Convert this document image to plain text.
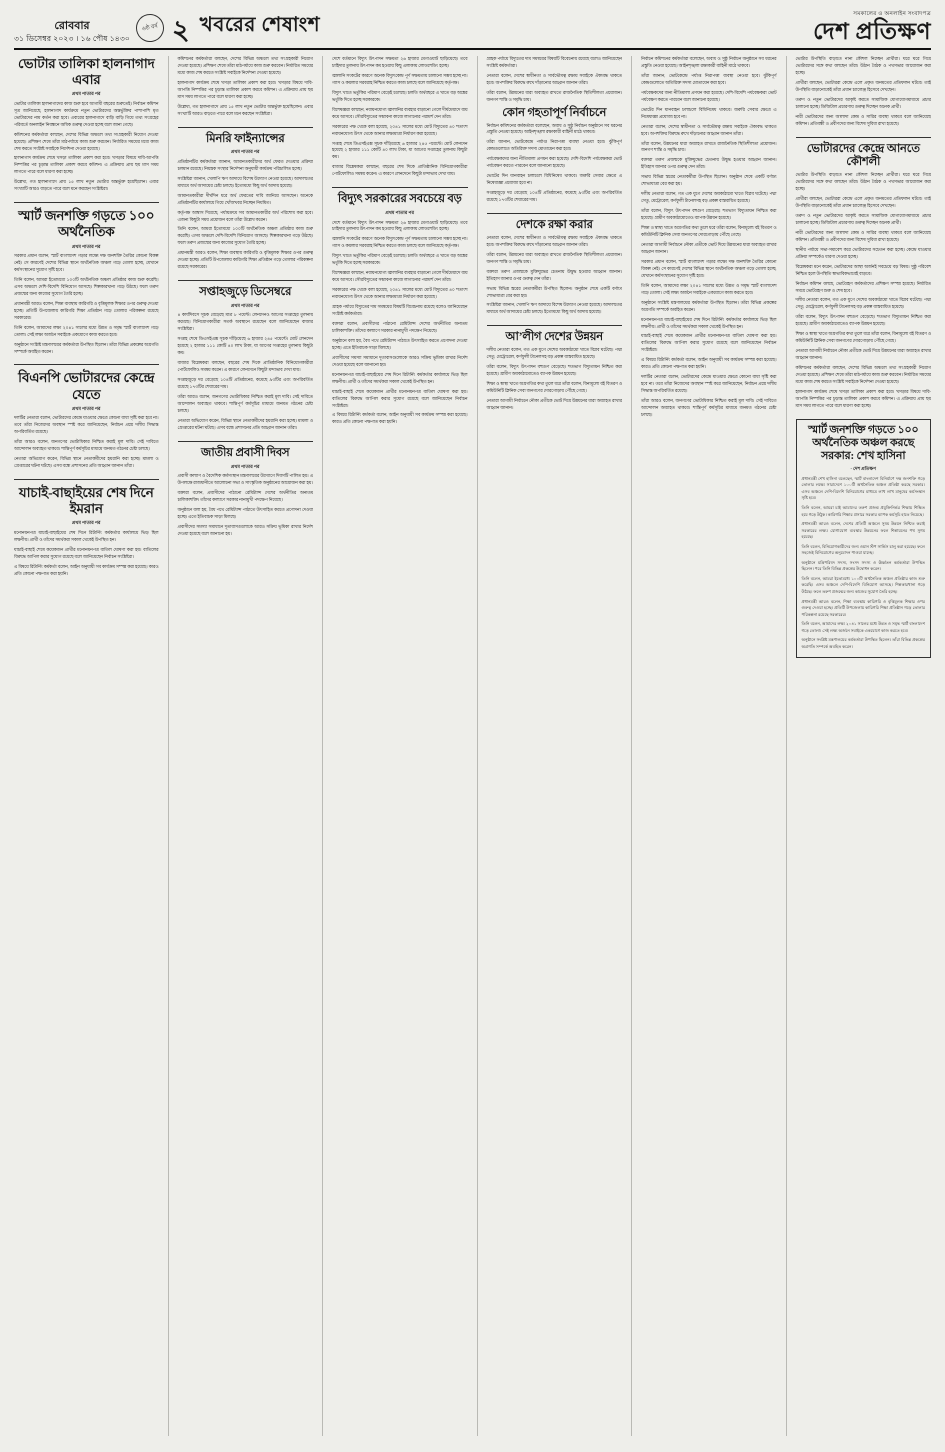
রোববার
৩১ ডিসেম্বর ২০২৩ । ১৬ পৌষ ১৪৩০
৬ষ্ঠ বর্ষ ২ খবরের শেষাংশ	সমকালের ও অনলাইন সংবাদপত্র
দেশ প্রতিক্ষণ
ভোটার তালিকা হালনাগাদ এবার
প্রথম পাতার পর

ভোটার তালিকা হালনাগাদের কাজ শুরু হবে আগামী বছরের শুরুতেই। নির্বাচন কমিশন সূত্র জানিয়েছে, হালনাগাদ কার্যক্রমে নতুন ভোটারদের অন্তর্ভুক্তির পাশাপাশি মৃত ভোটারদের নাম কর্তন করা হবে। এবারের হালনাগাদে বাড়ি বাড়ি গিয়ে তথ্য সংগ্রহের পরিবর্তে অনলাইন নিবন্ধনে অধিক গুরুত্ব দেওয়া হচ্ছে বলে জানা গেছে।

কমিশনের কর্মকর্তারা বলছেন, দেশের বিভিন্ন অঞ্চলে তথ্য সংগ্রহকারী নিয়োগ দেওয়া হয়েছে। প্রশিক্ষণ শেষে তাঁরা মাঠপর্যায়ে কাজ শুরু করবেন। নির্ধারিত সময়ের মধ্যে কাজ শেষ করতে সংশ্লিষ্ট সবাইকে নির্দেশনা দেওয়া হয়েছে।

হালনাগাদ কার্যক্রম শেষে খসড়া তালিকা প্রকাশ করা হবে। খসড়ার বিষয়ে দাবি-আপত্তি নিষ্পত্তির পর চূড়ান্ত তালিকা প্রকাশ করবে কমিশন। এ প্রক্রিয়ায় প্রায় ছয় মাস সময় লাগতে পারে বলে ধারণা করা হচ্ছে।

উল্লেখ্য, গত হালনাগাদে প্রায় ১৫ লাখ নতুন ভোটার অন্তর্ভুক্ত হয়েছিলেন। এবার সংখ্যাটি আরও বাড়তে পারে বলে মনে করছেন সংশ্লিষ্টরা।

স্মার্ট জনশক্তি গড়তে ১০০ অর্থনৈতিক
প্রথম পাতার পর

সরকার প্রধান বলেন, স্মার্ট বাংলাদেশ গড়ার লক্ষ্যে দক্ষ জনশক্তি তৈরির কোনো বিকল্প নেই। সে কারণেই দেশের বিভিন্ন স্থানে অর্থনৈতিক অঞ্চল গড়ে তোলা হচ্ছে, যেখানে কর্মসংস্থানের সুযোগ সৃষ্টি হবে।

তিনি বলেন, আমরা ইতোমধ্যে ১০০টি অর্থনৈতিক অঞ্চল প্রতিষ্ঠার কাজ শুরু করেছি। এসব অঞ্চলে দেশি-বিদেশি বিনিয়োগ আসছে। শিল্পকারখানা গড়ে উঠছে। ফলে তরুণ প্রজন্মের জন্য কাজের সুযোগ তৈরি হচ্ছে।

প্রধানমন্ত্রী আরও বলেন, শিক্ষা ব্যবস্থায় কারিগরি ও বৃত্তিমূলক শিক্ষার ওপর গুরুত্ব দেওয়া হচ্ছে। প্রতিটি উপজেলায় কারিগরি শিক্ষা প্রতিষ্ঠান গড়ে তোলার পরিকল্পনা রয়েছে সরকারের।

তিনি বলেন, আমাদের লক্ষ্য ২০৪১ সালের মধ্যে উন্নত ও সমৃদ্ধ স্মার্ট বাংলাদেশ গড়ে তোলা। সেই লক্ষ্য অর্জনে সবাইকে একযোগে কাজ করতে হবে।

অনুষ্ঠানে সংশ্লিষ্ট মন্ত্রণালয়ের কর্মকর্তারা উপস্থিত ছিলেন। তাঁরা বিভিন্ন প্রকল্পের অগ্রগতি সম্পর্কে অবহিত করেন।

বিএনপি ভোটারদের কেন্দ্রে যেতে
প্রথম পাতার পর

দলটির নেতারা বলেন, ভোটারদের কেন্দ্রে যাওয়ার ক্ষেত্রে কোনো বাধা সৃষ্টি করা হবে না। তবে তাঁরা নিজেদের অবস্থান স্পষ্ট করে জানিয়েছেন, নির্বাচন প্রশ্নে দলীয় সিদ্ধান্ত অপরিবর্তিত রয়েছে।

তাঁরা আরও বলেন, জনগণের ভোটাধিকার নিশ্চিত করাই মূল দাবি। সেই দাবিতে আন্দোলন অব্যাহত থাকবে। শান্তিপূর্ণ কর্মসূচির মাধ্যমে জনমত গঠনের চেষ্টা চলছে।

নেতারা অভিযোগ করেন, বিভিন্ন স্থানে নেতাকর্মীদের হয়রানি করা হচ্ছে। মামলা ও গ্রেপ্তারের ঘটনা ঘটছে। এসব বন্ধে প্রশাসনের প্রতি আহ্বান জানান তাঁরা।

যাচাই-বাছাইয়ের শেষ দিনে ইমরান
প্রথম পাতার পর

মনোনয়নপত্র যাচাই-বাছাইয়ের শেষ দিনে রিটার্নিং কর্মকর্তার কার্যালয়ে ভিড় ছিল লক্ষণীয়। প্রার্থী ও তাঁদের সমর্থকরা সকাল থেকেই উপস্থিত হন।

যাচাই-বাছাই শেষে কয়েকজন প্রার্থীর মনোনয়নপত্র বাতিল ঘোষণা করা হয়। বাতিলের বিরুদ্ধে আপিল করার সুযোগ রয়েছে বলে জানিয়েছেন নির্বাচন সংশ্লিষ্টরা।

এ বিষয়ে রিটার্নিং কর্মকর্তা বলেন, আইন অনুযায়ী সব কার্যক্রম সম্পন্ন করা হয়েছে। কারও প্রতি কোনো পক্ষপাত করা হয়নি।

কমিশনের কর্মকর্তারা বলছেন, দেশের বিভিন্ন অঞ্চলে তথ্য সংগ্রহকারী নিয়োগ দেওয়া হয়েছে। প্রশিক্ষণ শেষে তাঁরা মাঠপর্যায়ে কাজ শুরু করবেন। নির্ধারিত সময়ের মধ্যে কাজ শেষ করতে সংশ্লিষ্ট সবাইকে নির্দেশনা দেওয়া হয়েছে।

হালনাগাদ কার্যক্রম শেষে খসড়া তালিকা প্রকাশ করা হবে। খসড়ার বিষয়ে দাবি-আপত্তি নিষ্পত্তির পর চূড়ান্ত তালিকা প্রকাশ করবে কমিশন। এ প্রক্রিয়ায় প্রায় ছয় মাস সময় লাগতে পারে বলে ধারণা করা হচ্ছে।

উল্লেখ্য, গত হালনাগাদে প্রায় ১৫ লাখ নতুন ভোটার অন্তর্ভুক্ত হয়েছিলেন। এবার সংখ্যাটি আরও বাড়তে পারে বলে মনে করছেন সংশ্লিষ্টরা।

মিনরি ফাইন্যান্সের
প্রথম পাতার পর

প্রতিষ্ঠানটির কর্মকর্তারা জানান, আমানতকারীদের অর্থ ফেরত দেওয়ার প্রক্রিয়া চলমান রয়েছে। নিয়ন্ত্রক সংস্থার নির্দেশনা অনুযায়ী কার্যক্রম পরিচালিত হচ্ছে।

সংশ্লিষ্টরা জানান, খেলাপি ঋণ আদায়ে বিশেষ উদ্যোগ নেওয়া হয়েছে। আদালতের মাধ্যমে অর্থ আদায়ের চেষ্টা চলছে। ইতোমধ্যে কিছু অর্থ আদায় হয়েছে।

আমানতকারীরা দীর্ঘদিন ধরে অর্থ ফেরতের দাবি জানিয়ে আসছেন। অনেকে প্রতিষ্ঠানটির কার্যালয়ে গিয়ে খোঁজখবর নিচ্ছেন নিয়মিত।

কর্তৃপক্ষ আশ্বাস দিয়েছে, পর্যায়ক্রমে সব আমানতকারীর অর্থ পরিশোধ করা হবে। এজন্য কিছুটা সময় প্রয়োজন বলে তাঁরা উল্লেখ করেন।

তিনি বলেন, আমরা ইতোমধ্যে ১০০টি অর্থনৈতিক অঞ্চল প্রতিষ্ঠার কাজ শুরু করেছি। এসব অঞ্চলে দেশি-বিদেশি বিনিয়োগ আসছে। শিল্পকারখানা গড়ে উঠছে। ফলে তরুণ প্রজন্মের জন্য কাজের সুযোগ তৈরি হচ্ছে।

প্রধানমন্ত্রী আরও বলেন, শিক্ষা ব্যবস্থায় কারিগরি ও বৃত্তিমূলক শিক্ষার ওপর গুরুত্ব দেওয়া হচ্ছে। প্রতিটি উপজেলায় কারিগরি শিক্ষা প্রতিষ্ঠান গড়ে তোলার পরিকল্পনা রয়েছে সরকারের।

সপ্তাহজুড়ে ডিসেম্বরে
প্রথম পাতার পর

৪ কার্যদিবসে সূচক বেড়েছে মাত্র ৮ পয়েন্ট। লেনদেনও আগের সপ্তাহের তুলনায় কমেছে। বিনিয়োগকারীরা সতর্ক অবস্থানে রয়েছেন বলে জানিয়েছেন বাজার সংশ্লিষ্টরা।

সপ্তাহ শেষে ডিএসইএক্স সূচক দাঁড়িয়েছে ৬ হাজার ২৪৫ পয়েন্টে। মোট লেনদেন হয়েছে ২ হাজার ১১১ কোটি ৪০ লাখ টাকা, যা আগের সপ্তাহের তুলনায় কিছুটা কম।

বাজার বিশ্লেষকরা বলছেন, বছরের শেষ দিকে প্রাতিষ্ঠানিক বিনিয়োগকারীরা পোর্টফোলিও সমন্বয় করেন। এ কারণে লেনদেনে কিছুটা মন্দাভাব দেখা যায়।

সপ্তাহজুড়ে দর বেড়েছে ১০৪টি প্রতিষ্ঠানের, কমেছে ৯৩টির এবং অপরিবর্তিত রয়েছে ১৭৩টির শেয়ারের দাম।

তাঁরা আরও বলেন, জনগণের ভোটাধিকার নিশ্চিত করাই মূল দাবি। সেই দাবিতে আন্দোলন অব্যাহত থাকবে। শান্তিপূর্ণ কর্মসূচির মাধ্যমে জনমত গঠনের চেষ্টা চলছে।

নেতারা অভিযোগ করেন, বিভিন্ন স্থানে নেতাকর্মীদের হয়রানি করা হচ্ছে। মামলা ও গ্রেপ্তারের ঘটনা ঘটছে। এসব বন্ধে প্রশাসনের প্রতি আহ্বান জানান তাঁরা।

জাতীয় প্রবাসী দিবস
প্রথম পাতার পর

প্রবাসী কল্যাণ ও বৈদেশিক কর্মসংস্থান মন্ত্রণালয়ের উদ্যোগে দিবসটি পালিত হয়। এ উপলক্ষে রাজধানীতে আলোচনা সভা ও সাংস্কৃতিক অনুষ্ঠানের আয়োজন করা হয়।

বক্তারা বলেন, প্রবাসীদের পাঠানো রেমিট্যান্স দেশের অর্থনীতির অন্যতম চালিকাশক্তি। তাঁদের কল্যাণে সরকার নানামুখী পদক্ষেপ নিয়েছে।

অনুষ্ঠানে বলা হয়, বৈধ পথে রেমিট্যান্স পাঠাতে উৎসাহিত করতে প্রণোদনা দেওয়া হচ্ছে। এতে ইতিবাচক সাড়া মিলছে।

প্রবাসীদের সমস্যা সমাধানে দূতাবাসগুলোকে আরও সক্রিয় ভূমিকা রাখার নির্দেশ দেওয়া হয়েছে বলে জানানো হয়।

দেশে বর্তমানে বিদ্যুৎ উৎপাদন সক্ষমতা ২৬ হাজার মেগাওয়াট ছাড়িয়েছে। তবে চাহিদার তুলনায় উৎপাদন কম হওয়ায় কিছু এলাকায় লোডশেডিং হচ্ছে।

জ্বালানি সংকটের কারণে অনেক বিদ্যুৎকেন্দ্র পূর্ণ সক্ষমতায় চালানো সম্ভব হচ্ছে না। গ্যাস ও কয়লার সরবরাহ নিশ্চিত করতে কাজ চলছে বলে জানিয়েছে কর্তৃপক্ষ।

বিদ্যুৎ খাতে ভর্তুকির পরিমাণ বেড়েই চলেছে। চলতি অর্থবছরে এ খাতে বড় অঙ্কের ভর্তুকি দিতে হচ্ছে সরকারকে।

বিশেষজ্ঞরা বলছেন, নবায়নযোগ্য জ্বালানির ব্যবহার বাড়ানো গেলে দীর্ঘমেয়াদে ব্যয় কমে আসবে। সৌরবিদ্যুতের সম্ভাবনা কাজে লাগানোর পরামর্শ দেন তাঁরা।

সরকারের পক্ষ থেকে বলা হয়েছে, ২০৪১ সালের মধ্যে মোট বিদ্যুতের ৪০ শতাংশ নবায়নযোগ্য উৎস থেকে আনার লক্ষ্যমাত্রা নির্ধারণ করা হয়েছে।

সপ্তাহ শেষে ডিএসইএক্স সূচক দাঁড়িয়েছে ৬ হাজার ২৪৫ পয়েন্টে। মোট লেনদেন হয়েছে ২ হাজার ১১১ কোটি ৪০ লাখ টাকা, যা আগের সপ্তাহের তুলনায় কিছুটা কম।

বাজার বিশ্লেষকরা বলছেন, বছরের শেষ দিকে প্রাতিষ্ঠানিক বিনিয়োগকারীরা পোর্টফোলিও সমন্বয় করেন। এ কারণে লেনদেনে কিছুটা মন্দাভাব দেখা যায়।

বিদ্যুৎ সরকারের সবচেয়ে বড়
প্রথম পাতার পর

দেশে বর্তমানে বিদ্যুৎ উৎপাদন সক্ষমতা ২৬ হাজার মেগাওয়াট ছাড়িয়েছে। তবে চাহিদার তুলনায় উৎপাদন কম হওয়ায় কিছু এলাকায় লোডশেডিং হচ্ছে।

জ্বালানি সংকটের কারণে অনেক বিদ্যুৎকেন্দ্র পূর্ণ সক্ষমতায় চালানো সম্ভব হচ্ছে না। গ্যাস ও কয়লার সরবরাহ নিশ্চিত করতে কাজ চলছে বলে জানিয়েছে কর্তৃপক্ষ।

বিদ্যুৎ খাতে ভর্তুকির পরিমাণ বেড়েই চলেছে। চলতি অর্থবছরে এ খাতে বড় অঙ্কের ভর্তুকি দিতে হচ্ছে সরকারকে।

বিশেষজ্ঞরা বলছেন, নবায়নযোগ্য জ্বালানির ব্যবহার বাড়ানো গেলে দীর্ঘমেয়াদে ব্যয় কমে আসবে। সৌরবিদ্যুতের সম্ভাবনা কাজে লাগানোর পরামর্শ দেন তাঁরা।

সরকারের পক্ষ থেকে বলা হয়েছে, ২০৪১ সালের মধ্যে মোট বিদ্যুতের ৪০ শতাংশ নবায়নযোগ্য উৎস থেকে আনার লক্ষ্যমাত্রা নির্ধারণ করা হয়েছে।

গ্রাহক পর্যায়ে বিদ্যুতের দাম সমন্বয়ের বিষয়টি বিবেচনায় রয়েছে বলেও জানিয়েছেন সংশ্লিষ্ট কর্মকর্তারা।

বক্তারা বলেন, প্রবাসীদের পাঠানো রেমিট্যান্স দেশের অর্থনীতির অন্যতম চালিকাশক্তি। তাঁদের কল্যাণে সরকার নানামুখী পদক্ষেপ নিয়েছে।

অনুষ্ঠানে বলা হয়, বৈধ পথে রেমিট্যান্স পাঠাতে উৎসাহিত করতে প্রণোদনা দেওয়া হচ্ছে। এতে ইতিবাচক সাড়া মিলছে।

প্রবাসীদের সমস্যা সমাধানে দূতাবাসগুলোকে আরও সক্রিয় ভূমিকা রাখার নির্দেশ দেওয়া হয়েছে বলে জানানো হয়।

মনোনয়নপত্র যাচাই-বাছাইয়ের শেষ দিনে রিটার্নিং কর্মকর্তার কার্যালয়ে ভিড় ছিল লক্ষণীয়। প্রার্থী ও তাঁদের সমর্থকরা সকাল থেকেই উপস্থিত হন।

যাচাই-বাছাই শেষে কয়েকজন প্রার্থীর মনোনয়নপত্র বাতিল ঘোষণা করা হয়। বাতিলের বিরুদ্ধে আপিল করার সুযোগ রয়েছে বলে জানিয়েছেন নির্বাচন সংশ্লিষ্টরা।

এ বিষয়ে রিটার্নিং কর্মকর্তা বলেন, আইন অনুযায়ী সব কার্যক্রম সম্পন্ন করা হয়েছে। কারও প্রতি কোনো পক্ষপাত করা হয়নি।

গ্রাহক পর্যায়ে বিদ্যুতের দাম সমন্বয়ের বিষয়টি বিবেচনায় রয়েছে বলেও জানিয়েছেন সংশ্লিষ্ট কর্মকর্তারা।

নেতারা বলেন, দেশের স্বাধীনতা ও সার্বভৌমত্ব রক্ষায় সবাইকে ঐক্যবদ্ধ থাকতে হবে। অপশক্তির বিরুদ্ধে রুখে দাঁড়ানোর আহ্বান জানান তাঁরা।

তাঁরা বলেন, উন্নয়নের ধারা অব্যাহত রাখতে রাজনৈতিক স্থিতিশীলতা প্রয়োজন। জনগণ শান্তি ও সমৃদ্ধি চায়।

কোন গহতাপূর্ণ নির্বাচনে

নির্বাচন কমিশনের কর্মকর্তারা বলেছেন, অবাধ ও সুষ্ঠু নির্বাচন অনুষ্ঠানে সব ধরনের প্রস্তুতি নেওয়া হয়েছে। আইনশৃঙ্খলা রক্ষাকারী বাহিনী মাঠে থাকবে।

তাঁরা জানান, ভোটকেন্দ্রে পর্যাপ্ত নিরাপত্তা ব্যবস্থা নেওয়া হবে। ঝুঁকিপূর্ণ কেন্দ্রগুলোতে অতিরিক্ত সদস্য মোতায়েন করা হবে।

পর্যবেক্ষকদের জন্য নীতিমালা প্রণয়ন করা হয়েছে। দেশি-বিদেশি পর্যবেক্ষকরা ভোট পর্যবেক্ষণ করতে পারবেন বলে জানানো হয়েছে।

ভোটের দিন যানবাহন চলাচলে বিধিনিষেধ থাকবে। জরুরি সেবার ক্ষেত্রে এ নিষেধাজ্ঞা প্রযোজ্য হবে না।

সপ্তাহজুড়ে দর বেড়েছে ১০৪টি প্রতিষ্ঠানের, কমেছে ৯৩টির এবং অপরিবর্তিত রয়েছে ১৭৩টির শেয়ারের দাম।

দেশকে রক্ষা করার

নেতারা বলেন, দেশের স্বাধীনতা ও সার্বভৌমত্ব রক্ষায় সবাইকে ঐক্যবদ্ধ থাকতে হবে। অপশক্তির বিরুদ্ধে রুখে দাঁড়ানোর আহ্বান জানান তাঁরা।

তাঁরা বলেন, উন্নয়নের ধারা অব্যাহত রাখতে রাজনৈতিক স্থিতিশীলতা প্রয়োজন। জনগণ শান্তি ও সমৃদ্ধি চায়।

বক্তারা তরুণ প্রজন্মকে মুক্তিযুদ্ধের চেতনায় উদ্বুদ্ধ হওয়ার আহ্বান জানান। ইতিহাস জানার ওপর গুরুত্ব দেন তাঁরা।

সভায় বিভিন্ন স্তরের নেতাকর্মীরা উপস্থিত ছিলেন। অনুষ্ঠান শেষে একটি বর্ণাঢ্য শোভাযাত্রা বের করা হয়।

সংশ্লিষ্টরা জানান, খেলাপি ঋণ আদায়ে বিশেষ উদ্যোগ নেওয়া হয়েছে। আদালতের মাধ্যমে অর্থ আদায়ের চেষ্টা চলছে। ইতোমধ্যে কিছু অর্থ আদায় হয়েছে।

আ’লীগ দেশের উন্নয়ন

দলীয় নেতারা বলেন, গত এক যুগে দেশের অবকাঠামো খাতে বিপ্লব ঘটেছে। পদ্মা সেতু, মেট্রোরেল, কর্ণফুলী টানেলসহ বড় প্রকল্প বাস্তবায়িত হয়েছে।

তাঁরা বলেন, বিদ্যুৎ উৎপাদন বহুগুণ বেড়েছে। শতভাগ বিদ্যুতায়ন নিশ্চিত করা হয়েছে। গ্রামীণ অবকাঠামোতেও ব্যাপক উন্নয়ন হয়েছে।

শিক্ষা ও স্বাস্থ্য খাতে অগ্রগতির কথা তুলে ধরে তাঁরা বলেন, বিনামূল্যে বই বিতরণ ও কমিউনিটি ক্লিনিক সেবা জনগণের দোরগোড়ায় পৌঁছে গেছে।

নেতারা আগামী নির্বাচনে নৌকা প্রতীকে ভোট দিয়ে উন্নয়নের ধারা অব্যাহত রাখার আহ্বান জানান।

নির্বাচন কমিশনের কর্মকর্তারা বলেছেন, অবাধ ও সুষ্ঠু নির্বাচন অনুষ্ঠানে সব ধরনের প্রস্তুতি নেওয়া হয়েছে। আইনশৃঙ্খলা রক্ষাকারী বাহিনী মাঠে থাকবে।

তাঁরা জানান, ভোটকেন্দ্রে পর্যাপ্ত নিরাপত্তা ব্যবস্থা নেওয়া হবে। ঝুঁকিপূর্ণ কেন্দ্রগুলোতে অতিরিক্ত সদস্য মোতায়েন করা হবে।

পর্যবেক্ষকদের জন্য নীতিমালা প্রণয়ন করা হয়েছে। দেশি-বিদেশি পর্যবেক্ষকরা ভোট পর্যবেক্ষণ করতে পারবেন বলে জানানো হয়েছে।

ভোটের দিন যানবাহন চলাচলে বিধিনিষেধ থাকবে। জরুরি সেবার ক্ষেত্রে এ নিষেধাজ্ঞা প্রযোজ্য হবে না।

নেতারা বলেন, দেশের স্বাধীনতা ও সার্বভৌমত্ব রক্ষায় সবাইকে ঐক্যবদ্ধ থাকতে হবে। অপশক্তির বিরুদ্ধে রুখে দাঁড়ানোর আহ্বান জানান তাঁরা।

তাঁরা বলেন, উন্নয়নের ধারা অব্যাহত রাখতে রাজনৈতিক স্থিতিশীলতা প্রয়োজন। জনগণ শান্তি ও সমৃদ্ধি চায়।

বক্তারা তরুণ প্রজন্মকে মুক্তিযুদ্ধের চেতনায় উদ্বুদ্ধ হওয়ার আহ্বান জানান। ইতিহাস জানার ওপর গুরুত্ব দেন তাঁরা।

সভায় বিভিন্ন স্তরের নেতাকর্মীরা উপস্থিত ছিলেন। অনুষ্ঠান শেষে একটি বর্ণাঢ্য শোভাযাত্রা বের করা হয়।

দলীয় নেতারা বলেন, গত এক যুগে দেশের অবকাঠামো খাতে বিপ্লব ঘটেছে। পদ্মা সেতু, মেট্রোরেল, কর্ণফুলী টানেলসহ বড় প্রকল্প বাস্তবায়িত হয়েছে।

তাঁরা বলেন, বিদ্যুৎ উৎপাদন বহুগুণ বেড়েছে। শতভাগ বিদ্যুতায়ন নিশ্চিত করা হয়েছে। গ্রামীণ অবকাঠামোতেও ব্যাপক উন্নয়ন হয়েছে।

শিক্ষা ও স্বাস্থ্য খাতে অগ্রগতির কথা তুলে ধরে তাঁরা বলেন, বিনামূল্যে বই বিতরণ ও কমিউনিটি ক্লিনিক সেবা জনগণের দোরগোড়ায় পৌঁছে গেছে।

নেতারা আগামী নির্বাচনে নৌকা প্রতীকে ভোট দিয়ে উন্নয়নের ধারা অব্যাহত রাখার আহ্বান জানান।

সরকার প্রধান বলেন, স্মার্ট বাংলাদেশ গড়ার লক্ষ্যে দক্ষ জনশক্তি তৈরির কোনো বিকল্প নেই। সে কারণেই দেশের বিভিন্ন স্থানে অর্থনৈতিক অঞ্চল গড়ে তোলা হচ্ছে, যেখানে কর্মসংস্থানের সুযোগ সৃষ্টি হবে।

তিনি বলেন, আমাদের লক্ষ্য ২০৪১ সালের মধ্যে উন্নত ও সমৃদ্ধ স্মার্ট বাংলাদেশ গড়ে তোলা। সেই লক্ষ্য অর্জনে সবাইকে একযোগে কাজ করতে হবে।

অনুষ্ঠানে সংশ্লিষ্ট মন্ত্রণালয়ের কর্মকর্তারা উপস্থিত ছিলেন। তাঁরা বিভিন্ন প্রকল্পের অগ্রগতি সম্পর্কে অবহিত করেন।

মনোনয়নপত্র যাচাই-বাছাইয়ের শেষ দিনে রিটার্নিং কর্মকর্তার কার্যালয়ে ভিড় ছিল লক্ষণীয়। প্রার্থী ও তাঁদের সমর্থকরা সকাল থেকেই উপস্থিত হন।

যাচাই-বাছাই শেষে কয়েকজন প্রার্থীর মনোনয়নপত্র বাতিল ঘোষণা করা হয়। বাতিলের বিরুদ্ধে আপিল করার সুযোগ রয়েছে বলে জানিয়েছেন নির্বাচন সংশ্লিষ্টরা।

এ বিষয়ে রিটার্নিং কর্মকর্তা বলেন, আইন অনুযায়ী সব কার্যক্রম সম্পন্ন করা হয়েছে। কারও প্রতি কোনো পক্ষপাত করা হয়নি।

দলটির নেতারা বলেন, ভোটারদের কেন্দ্রে যাওয়ার ক্ষেত্রে কোনো বাধা সৃষ্টি করা হবে না। তবে তাঁরা নিজেদের অবস্থান স্পষ্ট করে জানিয়েছেন, নির্বাচন প্রশ্নে দলীয় সিদ্ধান্ত অপরিবর্তিত রয়েছে।

তাঁরা আরও বলেন, জনগণের ভোটাধিকার নিশ্চিত করাই মূল দাবি। সেই দাবিতে আন্দোলন অব্যাহত থাকবে। শান্তিপূর্ণ কর্মসূচির মাধ্যমে জনমত গঠনের চেষ্টা চলছে।

ভোটার উপস্থিতি বাড়াতে নানা কৌশল নিচ্ছেন প্রার্থীরা। ঘরে ঘরে গিয়ে ভোটারদের সঙ্গে কথা বলছেন তাঁরা। উঠান বৈঠক ও পথসভার আয়োজন করা হচ্ছে।

প্রার্থীরা বলছেন, ভোটাররা কেন্দ্রে এলে প্রকৃত জনমতের প্রতিফলন ঘটবে। তাই উপস্থিতি বাড়ানোকেই তাঁরা প্রধান চ্যালেঞ্জ হিসেবে দেখছেন।

তরুণ ও নতুন ভোটারদের আকৃষ্ট করতে সামাজিক যোগাযোগমাধ্যমে প্রচার চালানো হচ্ছে। ডিজিটাল প্রচারণায় গুরুত্ব দিচ্ছেন অনেক প্রার্থী।

নারী ভোটারদের জন্য আলাদা কেন্দ্র ও সারির ব্যবস্থা থাকবে বলে জানিয়েছে কমিশন। প্রতিবন্ধী ও প্রবীণদের জন্য বিশেষ সুবিধা রাখা হয়েছে।

ভোটারদের কেন্দ্রে আনতে কৌশলী

ভোটার উপস্থিতি বাড়াতে নানা কৌশল নিচ্ছেন প্রার্থীরা। ঘরে ঘরে গিয়ে ভোটারদের সঙ্গে কথা বলছেন তাঁরা। উঠান বৈঠক ও পথসভার আয়োজন করা হচ্ছে।

প্রার্থীরা বলছেন, ভোটাররা কেন্দ্রে এলে প্রকৃত জনমতের প্রতিফলন ঘটবে। তাই উপস্থিতি বাড়ানোকেই তাঁরা প্রধান চ্যালেঞ্জ হিসেবে দেখছেন।

তরুণ ও নতুন ভোটারদের আকৃষ্ট করতে সামাজিক যোগাযোগমাধ্যমে প্রচার চালানো হচ্ছে। ডিজিটাল প্রচারণায় গুরুত্ব দিচ্ছেন অনেক প্রার্থী।

নারী ভোটারদের জন্য আলাদা কেন্দ্র ও সারির ব্যবস্থা থাকবে বলে জানিয়েছে কমিশন। প্রতিবন্ধী ও প্রবীণদের জন্য বিশেষ সুবিধা রাখা হয়েছে।

স্থানীয় পর্যায়ে সভা-সমাবেশ করে ভোটারদের সচেতন করা হচ্ছে। কেন্দ্রে যাওয়ার প্রক্রিয়া সম্পর্কেও ধারণা দেওয়া হচ্ছে।

বিশ্লেষকরা মনে করেন, ভোটারদের আস্থা অর্জনই সবচেয়ে বড় বিষয়। সুষ্ঠু পরিবেশ নিশ্চিত হলে উপস্থিতি স্বাভাবিকভাবেই বাড়বে।

নির্বাচন কমিশন বলছে, ভোটগ্রহণ কর্মকর্তাদের প্রশিক্ষণ সম্পন্ন হয়েছে। নির্ধারিত সময়ে ভোটগ্রহণ শুরু ও শেষ হবে।

দলীয় নেতারা বলেন, গত এক যুগে দেশের অবকাঠামো খাতে বিপ্লব ঘটেছে। পদ্মা সেতু, মেট্রোরেল, কর্ণফুলী টানেলসহ বড় প্রকল্প বাস্তবায়িত হয়েছে।

তাঁরা বলেন, বিদ্যুৎ উৎপাদন বহুগুণ বেড়েছে। শতভাগ বিদ্যুতায়ন নিশ্চিত করা হয়েছে। গ্রামীণ অবকাঠামোতেও ব্যাপক উন্নয়ন হয়েছে।

শিক্ষা ও স্বাস্থ্য খাতে অগ্রগতির কথা তুলে ধরে তাঁরা বলেন, বিনামূল্যে বই বিতরণ ও কমিউনিটি ক্লিনিক সেবা জনগণের দোরগোড়ায় পৌঁছে গেছে।

নেতারা আগামী নির্বাচনে নৌকা প্রতীকে ভোট দিয়ে উন্নয়নের ধারা অব্যাহত রাখার আহ্বান জানান।

কমিশনের কর্মকর্তারা বলছেন, দেশের বিভিন্ন অঞ্চলে তথ্য সংগ্রহকারী নিয়োগ দেওয়া হয়েছে। প্রশিক্ষণ শেষে তাঁরা মাঠপর্যায়ে কাজ শুরু করবেন। নির্ধারিত সময়ের মধ্যে কাজ শেষ করতে সংশ্লিষ্ট সবাইকে নির্দেশনা দেওয়া হয়েছে।

হালনাগাদ কার্যক্রম শেষে খসড়া তালিকা প্রকাশ করা হবে। খসড়ার বিষয়ে দাবি-আপত্তি নিষ্পত্তির পর চূড়ান্ত তালিকা প্রকাশ করবে কমিশন। এ প্রক্রিয়ায় প্রায় ছয় মাস সময় লাগতে পারে বলে ধারণা করা হচ্ছে।

স্মার্ট জনশক্তি গড়তে ১০০ অর্থনৈতিক অঞ্চল করছে সরকার: শেখ হাসিনা
- দেশ প্রতিক্ষণ

প্রধানমন্ত্রী শেখ হাসিনা বলেছেন, স্মার্ট বাংলাদেশ বিনির্মাণে দক্ষ জনশক্তি গড়ে তোলার লক্ষ্যে সারাদেশে ১০০টি অর্থনৈতিক অঞ্চল প্রতিষ্ঠা করছে সরকার। এসব অঞ্চলে দেশি-বিদেশি বিনিয়োগের মাধ্যমে লাখ লাখ মানুষের কর্মসংস্থান সৃষ্টি হবে।

তিনি বলেন, আমরা চাই আমাদের তরুণ প্রজন্ম প্রযুক্তিনির্ভর শিক্ষায় শিক্ষিত হয়ে গড়ে উঠুক। কারিগরি শিক্ষার প্রসারে সরকার ব্যাপক কর্মসূচি হাতে নিয়েছে।

প্রধানমন্ত্রী আরও বলেন, দেশের প্রতিটি অঞ্চলে সুষম উন্নয়ন নিশ্চিত করাই সরকারের লক্ষ্য। যোগাযোগ ব্যবস্থার উন্নয়নের ফলে শিল্পায়নের পথ সুগম হয়েছে।

তিনি বলেন, বিনিয়োগকারীদের জন্য ওয়ান স্টপ সার্ভিস চালু করা হয়েছে। ফলে সহজেই বিনিয়োগের অনুমোদন পাওয়া যাচ্ছে।

অনুষ্ঠানে মন্ত্রিপরিষদ সদস্য, সংসদ সদস্য ও ঊর্ধ্বতন কর্মকর্তারা উপস্থিত ছিলেন। পরে তিনি বিভিন্ন প্রকল্পের উদ্বোধন করেন।

তিনি বলেন, আমরা ইতোমধ্যে ১০০টি অর্থনৈতিক অঞ্চল প্রতিষ্ঠার কাজ শুরু করেছি। এসব অঞ্চলে দেশি-বিদেশি বিনিয়োগ আসছে। শিল্পকারখানা গড়ে উঠছে। ফলে তরুণ প্রজন্মের জন্য কাজের সুযোগ তৈরি হচ্ছে।

প্রধানমন্ত্রী আরও বলেন, শিক্ষা ব্যবস্থায় কারিগরি ও বৃত্তিমূলক শিক্ষার ওপর গুরুত্ব দেওয়া হচ্ছে। প্রতিটি উপজেলায় কারিগরি শিক্ষা প্রতিষ্ঠান গড়ে তোলার পরিকল্পনা রয়েছে সরকারের।

তিনি বলেন, আমাদের লক্ষ্য ২০৪১ সালের মধ্যে উন্নত ও সমৃদ্ধ স্মার্ট বাংলাদেশ গড়ে তোলা। সেই লক্ষ্য অর্জনে সবাইকে একযোগে কাজ করতে হবে।

অনুষ্ঠানে সংশ্লিষ্ট মন্ত্রণালয়ের কর্মকর্তারা উপস্থিত ছিলেন। তাঁরা বিভিন্ন প্রকল্পের অগ্রগতি সম্পর্কে অবহিত করেন।
